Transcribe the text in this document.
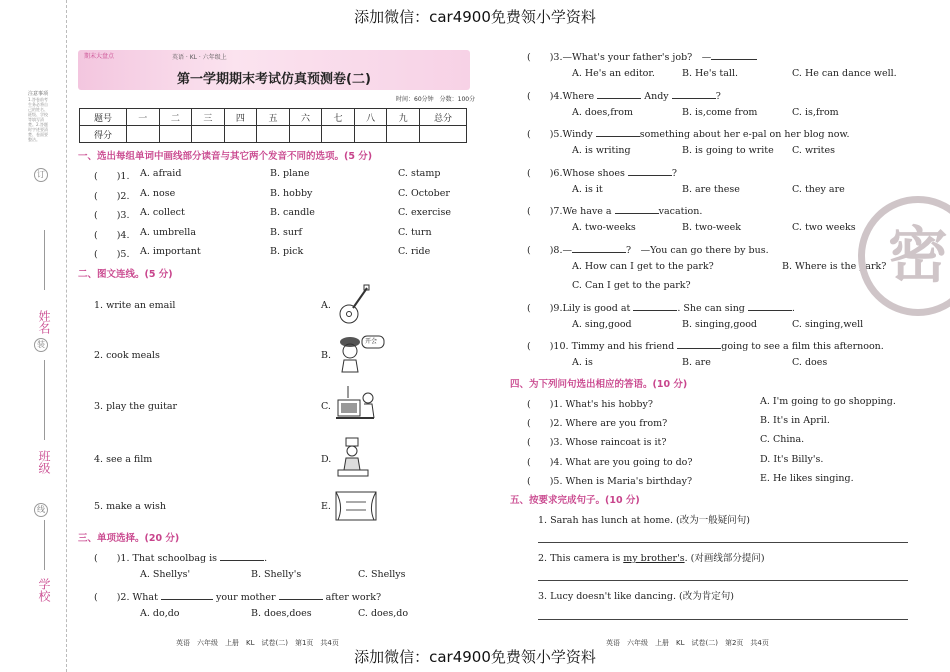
注意事项
1.答卷前考生务必将自己的姓名、班级、学校等填写清楚。2.答题时字迹要清楚、卷面要整洁。
姓名
装
班级
订
线
学校
添加微信：car4900免费领小学资料
添加微信：car4900免费领小学资料
期末大盘点	英语 · KL · 六年级上
第一学期期末考试仿真预测卷(二)
时间：60分钟　分数：100分
题号	一	二	三	四	五	六	七	八	九	总分
得分										
一、选出每组单词中画线部分读音与其它两个发音不同的选项。(5 分)
(　　)1. A. afraid	B. plane	C. stamp
(　　)2. A. nose	B. hobby	C. October
(　　)3. A. collect	B. candle	C. exercise
(　　)4. A. umbrella	B. surf	C. turn
(　　)5. A. important	B. pick	C. ride
二、图文连线。(5 分)
1. write an email
2. cook meals
3. play the guitar
4. see a film
5. make a wish
A.
B.
C.
D.
E.
开会
三、单项选择。(20 分)
(　　)1. That schoolbag is	.
A. Shellys'	B. Shelly's	C. Shellys
(　　)2. What	your mother	after work?
A. do,do	B. does,does	C. does,do
(　　)3.—What's your father's job?　—
A. He's an editor.	B. He's tall.	C. He can dance well.
(　　)4.Where	Andy	?
A. does,from	B. is,come from	C. is,from
(　　)5.Windy	something about her e-pal on her blog now.
A. is writing	B. is going to write C. writes
(　　)6.Whose shoes	?
A. is it	B. are these	C. they are
(　　)7.We have a	vacation.
A. two-weeks	B. two-week	C. two weeks
(　　)8.—	?　—You can go there by bus.
A. How can I get to the park?	B. Where is the park?
C. Can I get to the park?
(　　)9.Lily is good at	. She can sing	.
A. sing,good	B. singing,good	C. singing,well
(　　)10. Timmy and his friend	going to see a film this afternoon.
A. is	B. are	C. does
四、为下列问句选出相应的答语。(10 分)
(　　)1. What's his hobby?	A. I'm going to go shopping.
(　　)2. Where are you from?	B. It's in April.
(　　)3. Whose raincoat is it?	C. China.
(　　)4. What are you going to do?	D. It's Billy's.
(　　)5. When is Maria's birthday?	E. He likes singing.
五、按要求完成句子。(10 分)
1. Sarah has lunch at home. (改为一般疑问句)
2. This camera is my brother's. (对画线部分提问)
3. Lucy doesn't like dancing. (改为肯定句)
密
英语　六年级　上册　KL　试卷(二)　第1页　共4页	英语　六年级　上册　KL　试卷(二)　第2页　共4页
